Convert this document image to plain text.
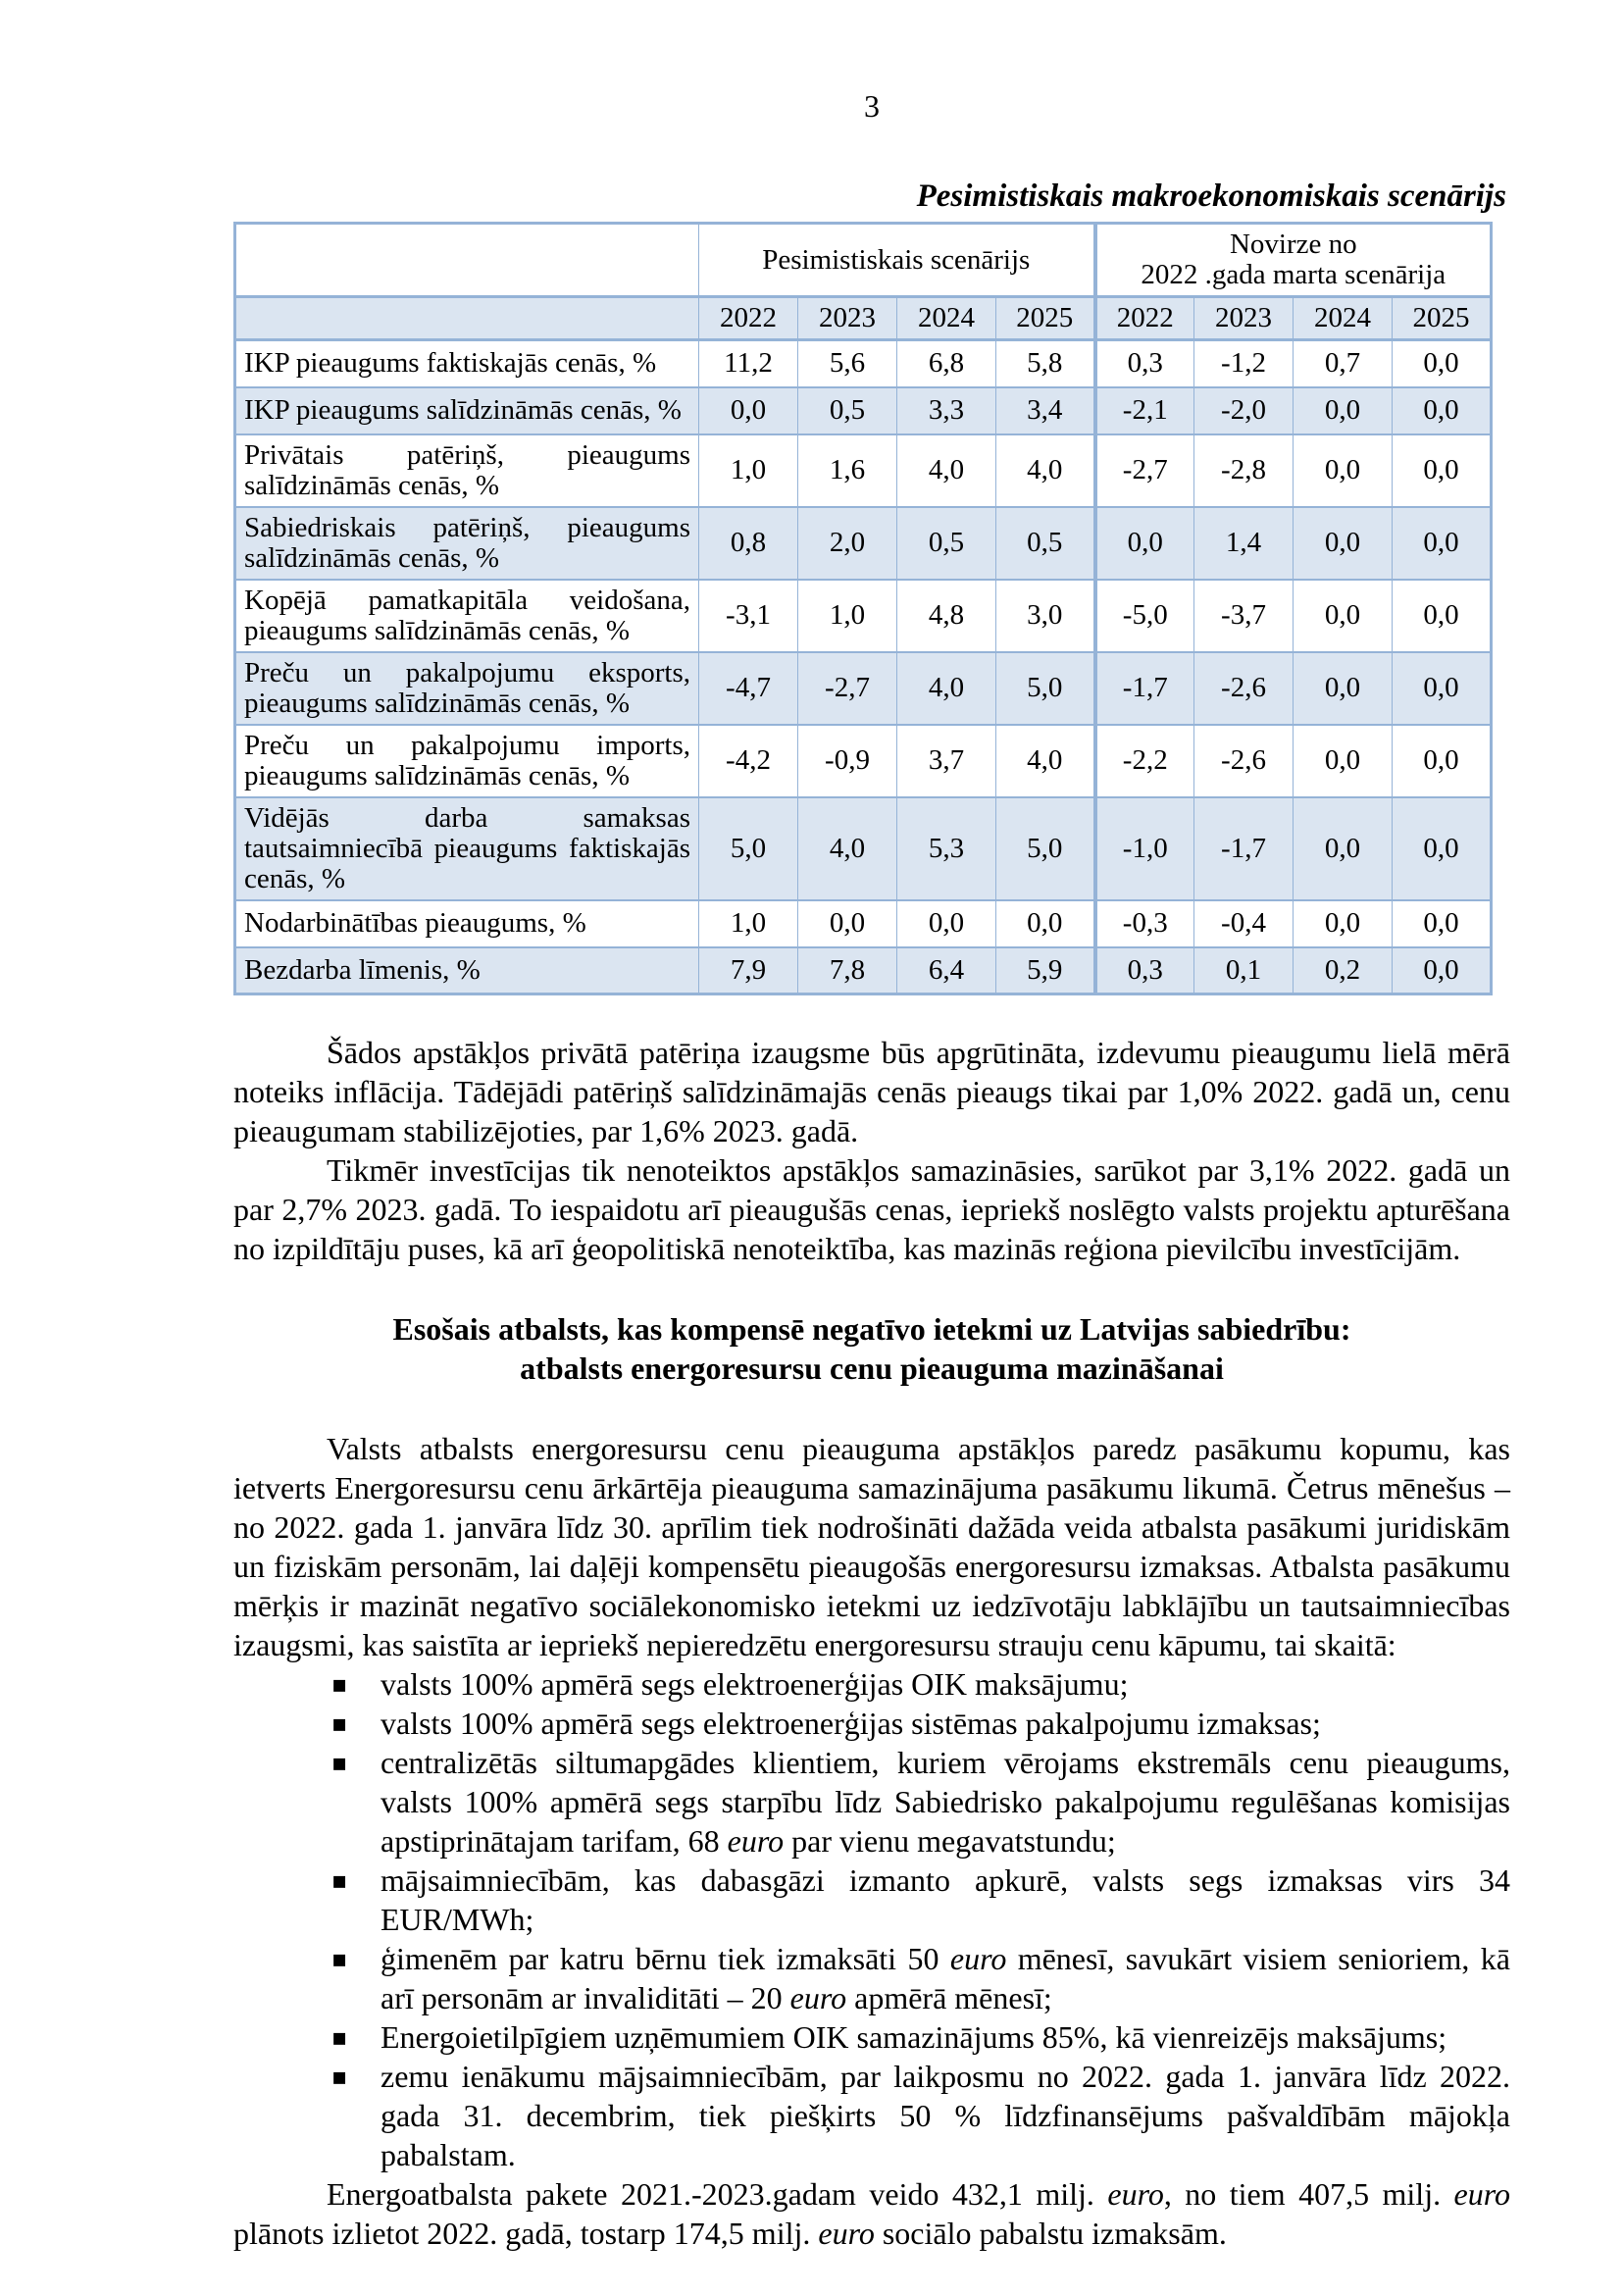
3
Pesimistiskais makroekonomiskais scenārijs
	Pesimistiskais scenārijs				Novirze no
2022 .gada marta scenārija			

	2022	2023	2024	2025	2022	2023	2024	2025
IKP pieaugums faktiskajās cenās, %	11,2	5,6	6,8	5,8	0,3	-1,2	0,7	0,0
IKP pieaugums salīdzināmās cenās, %	0,0	0,5	3,3	3,4	-2,1	-2,0	0,0	0,0
Privātais patēriņš, pieaugums salīdzināmās cenās, %	1,0	1,6	4,0	4,0	-2,7	-2,8	0,0	0,0
Sabiedriskais patēriņš, pieaugums salīdzināmās cenās, %	0,8	2,0	0,5	0,5	0,0	1,4	0,0	0,0
Kopējā pamatkapitāla veidošana, pieaugums salīdzināmās cenās, %	-3,1	1,0	4,8	3,0	-5,0	-3,7	0,0	0,0
Preču un pakalpojumu eksports, pieaugums salīdzināmās cenās, %	-4,7	-2,7	4,0	5,0	-1,7	-2,6	0,0	0,0
Preču un pakalpojumu imports, pieaugums salīdzināmās cenās, %	-4,2	-0,9	3,7	4,0	-2,2	-2,6	0,0	0,0
Vidējās darba samaksas tautsaimniecībā pieaugums faktiskajās cenās, %	5,0	4,0	5,3	5,0	-1,0	-1,7	0,0	0,0
Nodarbinātības pieaugums, %	1,0	0,0	0,0	0,0	-0,3	-0,4	0,0	0,0
Bezdarba līmenis, %	7,9	7,8	6,4	5,9	0,3	0,1	0,2	0,0

Šādos apstākļos privātā patēriņa izaugsme būs apgrūtināta, izdevumu pieaugumu lielā mērā noteiks inflācija. Tādējādi patēriņš salīdzināmajās cenās pieaugs tikai par 1,0% 2022. gadā un, cenu pieaugumam stabilizējoties, par 1,6% 2023. gadā.

Tikmēr investīcijas tik nenoteiktos apstākļos samazināsies, sarūkot par 3,1% 2022. gadā un par 2,7% 2023. gadā. To iespaidotu arī pieaugušās cenas, iepriekš noslēgto valsts projektu apturēšana no izpildītāju puses, kā arī ģeopolitiskā nenoteiktība, kas mazinās reģiona pievilcību investīcijām.

Esošais atbalsts, kas kompensē negatīvo ietekmi uz Latvijas sabiedrību:
atbalsts energoresursu cenu pieauguma mazināšanai

Valsts atbalsts energoresursu cenu pieauguma apstākļos paredz pasākumu kopumu, kas ietverts Energoresursu cenu ārkārtēja pieauguma samazinājuma pasākumu likumā. Četrus mēnešus – no 2022. gada 1. janvāra līdz 30. aprīlim tiek nodrošināti dažāda veida atbalsta pasākumi juridiskām un fiziskām personām, lai daļēji kompensētu pieaugošās energoresursu izmaksas. Atbalsta pasākumu mērķis ir mazināt negatīvo sociālekonomisko ietekmi uz iedzīvotāju labklājību un tautsaimniecības izaugsmi, kas saistīta ar iepriekš nepieredzētu energoresursu strauju cenu kāpumu, tai skaitā:

▪ valsts 100% apmērā segs elektroenerģijas OIK maksājumu;
▪ valsts 100% apmērā segs elektroenerģijas sistēmas pakalpojumu izmaksas;
▪ centralizētās siltumapgādes klientiem, kuriem vērojams ekstremāls cenu pieaugums, valsts 100% apmērā segs starpību līdz Sabiedrisko pakalpojumu regulēšanas komisijas apstiprinātajam tarifam, 68 euro par vienu megavatstundu;
▪ mājsaimniecībām, kas dabasgāzi izmanto apkurē, valsts segs izmaksas virs 34 EUR/MWh;
▪ ģimenēm par katru bērnu tiek izmaksāti 50 euro mēnesī, savukārt visiem senioriem, kā arī personām ar invaliditāti – 20 euro apmērā mēnesī;
▪ Energoietilpīgiem uzņēmumiem OIK samazinājums 85%, kā vienreizējs maksājums;
▪ zemu ienākumu mājsaimniecībām, par laikposmu no 2022. gada 1. janvāra līdz 2022. gada 31. decembrim, tiek piešķirts 50 % līdzfinansējums pašvaldībām mājokļa pabalstam.

Energoatbalsta pakete 2021.-2023.gadam veido 432,1 milj. euro, no tiem 407,5 milj. euro plānots izlietot 2022. gadā, tostarp 174,5 milj. euro sociālo pabalstu izmaksām.
